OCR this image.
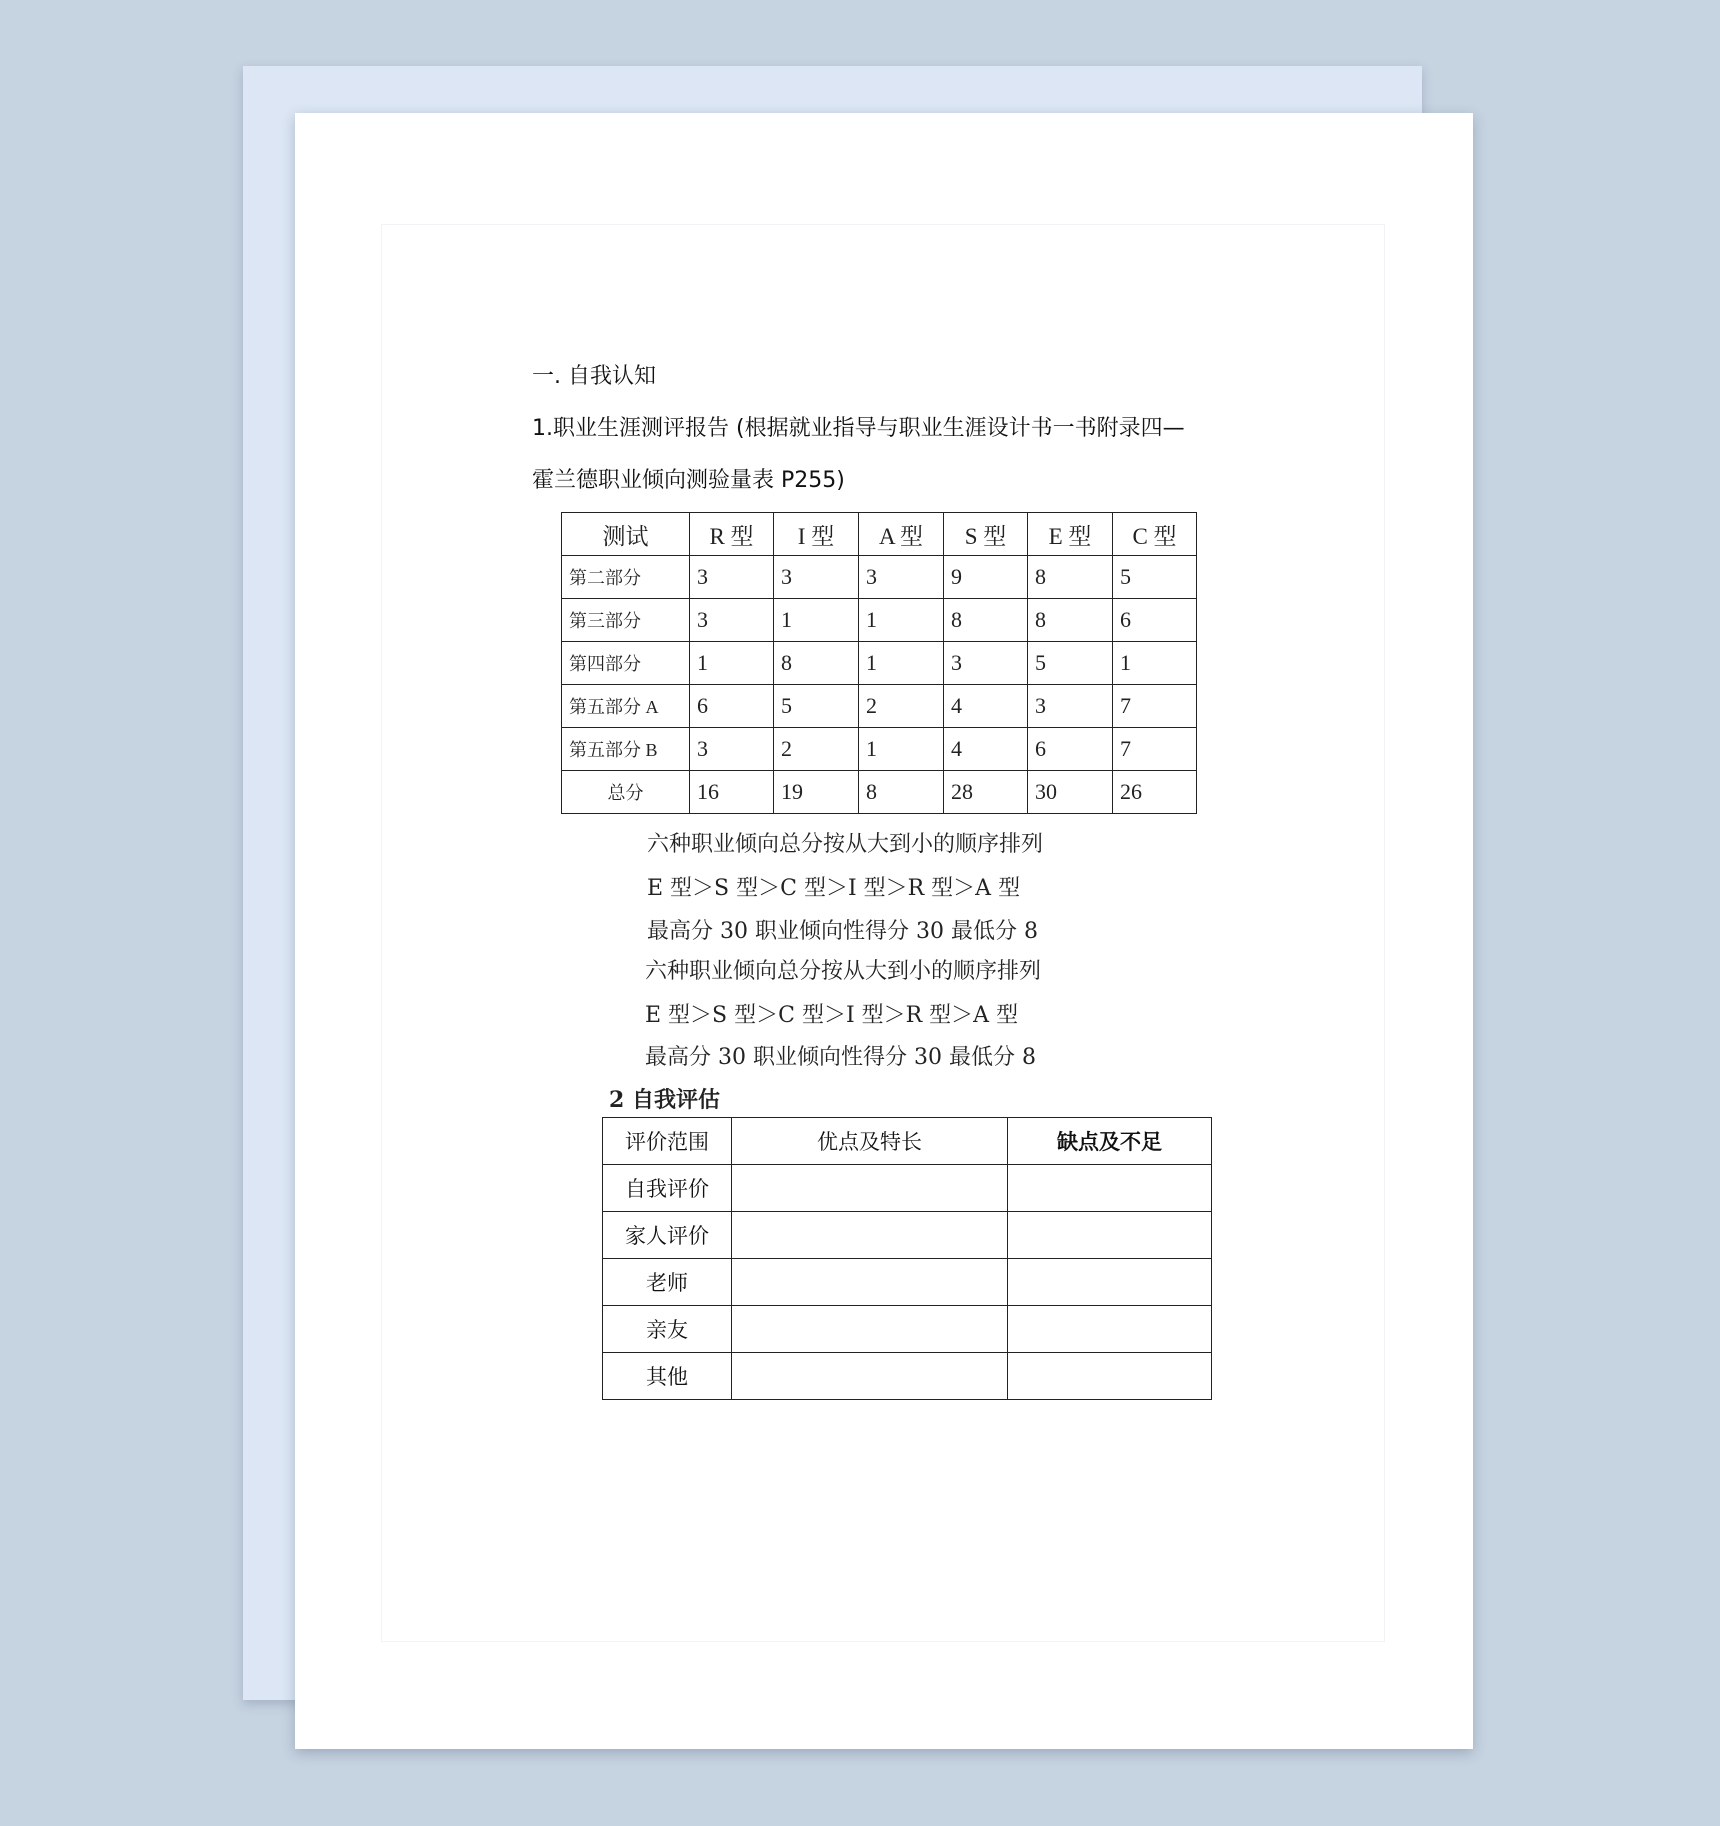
一. 自我认知
1.职业生涯测评报告 (根据就业指导与职业生涯设计书一书附录四—
霍兰德职业倾向测验量表 P255)
测试	R 型	I 型	A 型	S 型	E 型	C 型
第二部分	3	3	3	9	8	5
第三部分	3	1	1	8	8	6
第四部分	1	8	1	3	5	1
第五部分 A	6	5	2	4	3	7
第五部分 B	3	2	1	4	6	7
总分	16	19	8	28	30	26
六种职业倾向总分按从大到小的顺序排列
E 型＞S 型＞C 型＞I 型＞R 型＞A 型
最高分 30 职业倾向性得分 30 最低分 8
六种职业倾向总分按从大到小的顺序排列
E 型＞S 型＞C 型＞I 型＞R 型＞A 型
最高分 30 职业倾向性得分 30 最低分 8
2 自我评估
评价范围	优点及特长	缺点及不足
自我评价		
家人评价		
老师		
亲友		
其他		
